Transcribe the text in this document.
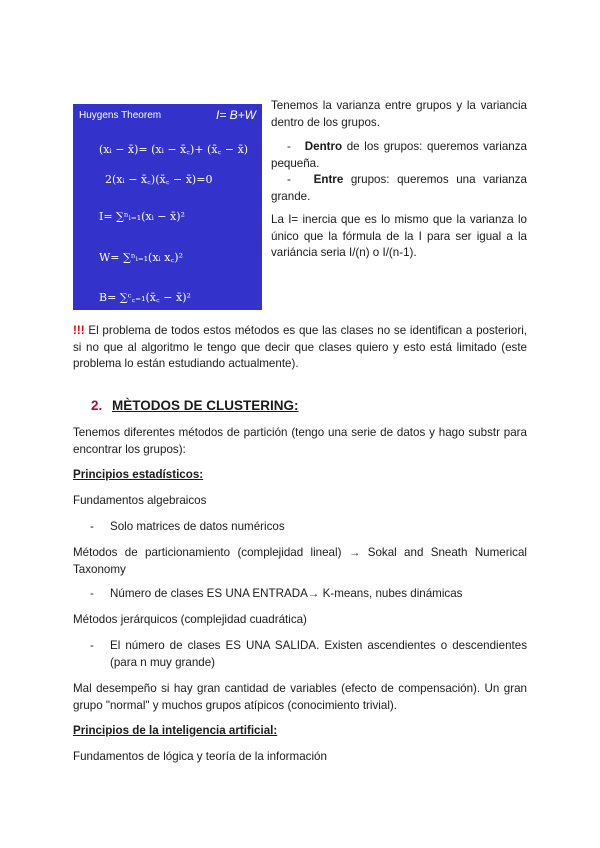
Huygens Theorem	I= B+W
(xᵢ − x̄)= (xᵢ − x̄꜀)+ (x̄꜀ − x̄)
2(xᵢ − x̄꜀)(x̄꜀ − x̄)=0
I= ∑ⁿᵢ₌₁(xᵢ − x̄)²
W= ∑ⁿᵢ₌₁(xᵢ x꜀)²
B= ∑ᶜ꜀₌₁(x̄꜀ − x̄)²

Tenemos la varianza entre grupos y la variancia dentro de los grupos.

- Dentro de los grupos: queremos varianza pequeña.

- Entre grupos: queremos una varianza grande.

La I= inercia que es lo mismo que la varianza lo único que la fórmula de la I para ser igual a la variáncia seria I/(n) o I/(n-1).

!!! El problema de todos estos métodos es que las clases no se identifican a posteriori, si no que al algoritmo le tengo que decir que clases quiero y esto está limitado (este problema lo están estudiando actualmente).

2. MÈTODOS DE CLUSTERING:

Tenemos diferentes métodos de partición (tengo una serie de datos y hago substr para encontrar los grupos):

Principios estadísticos:

Fundamentos algebraicos

- Solo matrices de datos numéricos

Métodos de particionamiento (complejidad lineal) → Sokal and Sneath Numerical Taxonomy

- Número de clases ES UNA ENTRADA→ K-means, nubes dinámicas

Métodos jerárquicos (complejidad cuadrática)

- El número de clases ES UNA SALIDA. Existen ascendientes o descendientes (para n muy grande)

Mal desempeño si hay gran cantidad de variables (efecto de compensación). Un gran grupo "normal" y muchos grupos atípicos (conocimiento trivial).

Principios de la inteligencia artificial:

Fundamentos de lógica y teoría de la información
